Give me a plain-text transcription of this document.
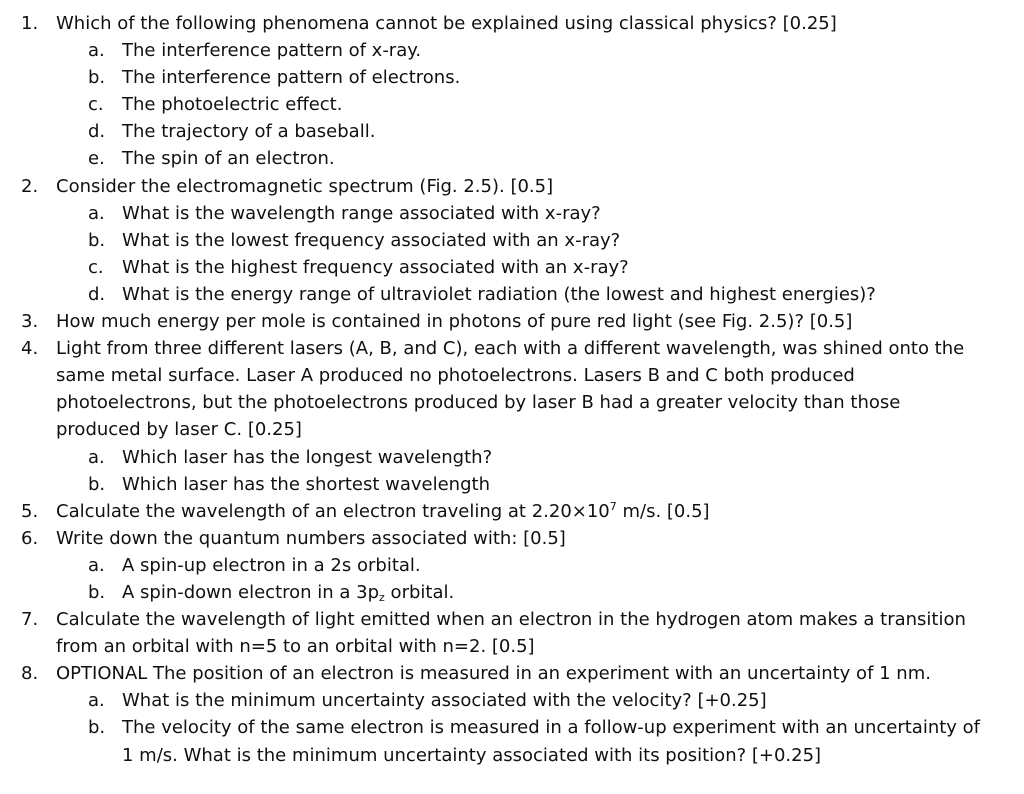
1. Which of the following phenomena cannot be explained using classical physics? [0.25]
a. The interference pattern of x-ray.
b. The interference pattern of electrons.
c. The photoelectric effect.
d. The trajectory of a baseball.
e. The spin of an electron.
2. Consider the electromagnetic spectrum (Fig. 2.5). [0.5]
a. What is the wavelength range associated with x-ray?
b. What is the lowest frequency associated with an x-ray?
c. What is the highest frequency associated with an x-ray?
d. What is the energy range of ultraviolet radiation (the lowest and highest energies)?
3. How much energy per mole is contained in photons of pure red light (see Fig. 2.5)? [0.5]
4. Light from three different lasers (A, B, and C), each with a different wavelength, was shined onto the
same metal surface. Laser A produced no photoelectrons. Lasers B and C both produced
photoelectrons, but the photoelectrons produced by laser B had a greater velocity than those
produced by laser C. [0.25]
a. Which laser has the longest wavelength?
b. Which laser has the shortest wavelength
5. Calculate the wavelength of an electron traveling at $2.20\times 10^7$ m/s. [0.5]
6. Write down the quantum numbers associated with: [0.5]
a. A spin-up electron in a 2s orbital.
b. A spin-down electron in a $3p_z$ orbital.
7. Calculate the wavelength of light emitted when an electron in the hydrogen atom makes a transition
from an orbital with n=5 to an orbital with n=2. [0.5]
8. OPTIONAL The position of an electron is measured in an experiment with an uncertainty of 1 nm.
a. What is the minimum uncertainty associated with the velocity? [+0.25]
b. The velocity of the same electron is measured in a follow-up experiment with an uncertainty of
1 m/s. What is the minimum uncertainty associated with its position? [+0.25]
